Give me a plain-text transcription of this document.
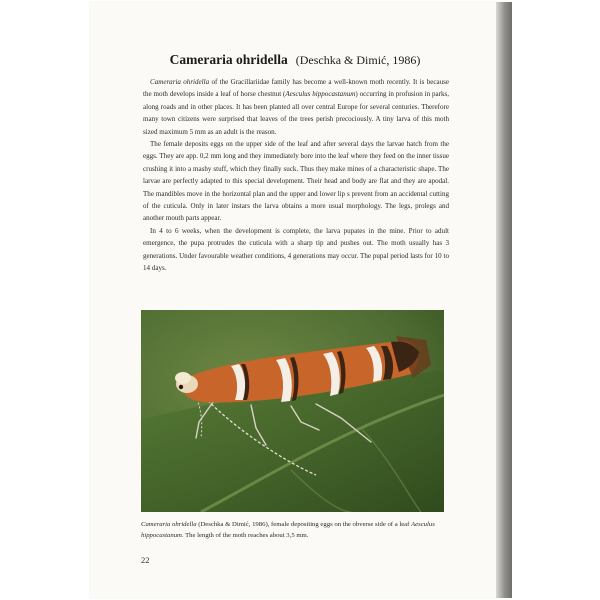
Cameraria ohridella (Deschka & Dimić, 1986)

Cameraria ohridella of the Gracillariidae family has become a well-known moth recently. It is because the moth develops inside a leaf of horse chestnut (Aesculus hippocastanum) occurring in profusion in parks, along roads and in other places. It has been planted all over central Europe for several centuries. Therefore many town citizens were surprised that leaves of the trees perish precociously. A tiny larva of this moth sized maximum 5 mm as an adult is the reason.

The female deposits eggs on the upper side of the leaf and after several days the larvae hatch from the eggs. They are app. 0,2 mm long and they immediately bore into the leaf where they feed on the inner tissue crushing it into a mashy stuff, which they finally suck. Thus they make mines of a characteristic shape. The larvae are perfectly adapted to this special development. Their head and body are flat and they are apodal. The mandibles move in the horizontal plan and the upper and lower lip s prevent from an accidental cutting of the cuticula. Only in later instars the larva obtains a more usual morphology. The legs, prolegs and another mouth parts appear.

In 4 to 6 weeks, when the development is complete, the larva pupates in the mine. Prior to adult emergence, the pupa protrudes the cuticula with a sharp tip and pushes out. The moth usually has 3 generations. Under favourable weather conditions, 4 generations may occur. The pupal period lasts for 10 to 14 days.

Cameraria ohridella (Deschka & Dimić, 1986), female depositing eggs on the obverse side of a leaf Aesculus hippocastanum. The length of the moth reaches about 3,5 mm.
22
